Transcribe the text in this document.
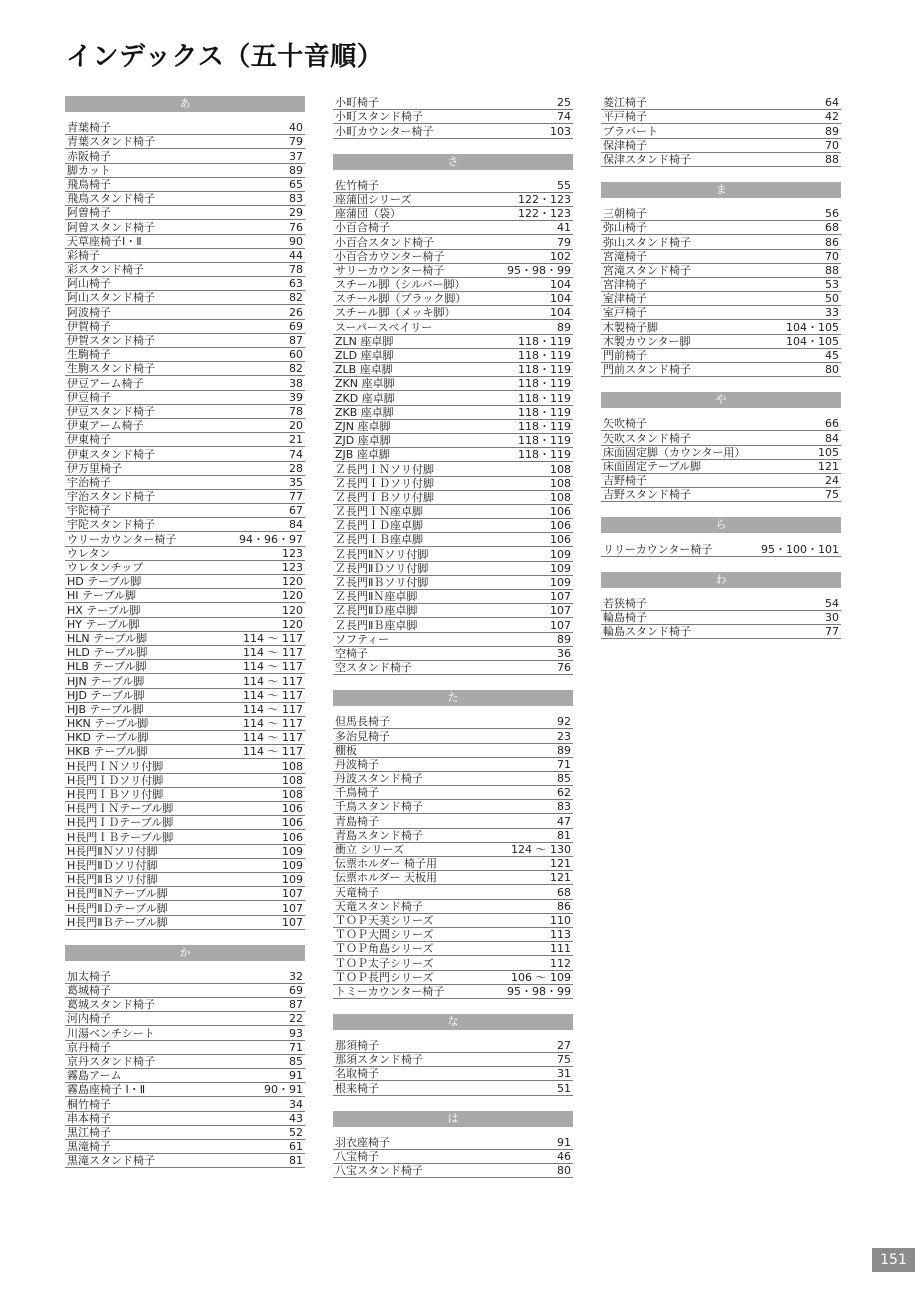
インデックス（五十音順）
あ
青葉椅子	40
青葉スタンド椅子	79
赤阪椅子	37
脚カット	89
飛鳥椅子	65
飛鳥スタンド椅子	83
阿曽椅子	29
阿曽スタンド椅子	76
天草座椅子Ⅰ・Ⅱ	90
彩椅子	44
彩スタンド椅子	78
阿山椅子	63
阿山スタンド椅子	82
阿波椅子	26
伊賀椅子	69
伊賀スタンド椅子	87
生駒椅子	60
生駒スタンド椅子	82
伊豆アーム椅子	38
伊豆椅子	39
伊豆スタンド椅子	78
伊東アーム椅子	20
伊東椅子	21
伊東スタンド椅子	74
伊万里椅子	28
宇治椅子	35
宇治スタンド椅子	77
宇陀椅子	67
宇陀スタンド椅子	84
ウリーカウンター椅子	94・96・97
ウレタン	123
ウレタンチップ	123
HD テーブル脚	120
HI テーブル脚	120
HX テーブル脚	120
HY テーブル脚	120
HLN テーブル脚	114 〜 117
HLD テーブル脚	114 〜 117
HLB テーブル脚	114 〜 117
HJN テーブル脚	114 〜 117
HJD テーブル脚	114 〜 117
HJB テーブル脚	114 〜 117
HKN テーブル脚	114 〜 117
HKD テーブル脚	114 〜 117
HKB テーブル脚	114 〜 117
H長門ＩＮソリ付脚	108
H長門ＩＤソリ付脚	108
H長門ＩＢソリ付脚	108
H長門ＩＮテーブル脚	106
H長門ＩＤテーブル脚	106
H長門ＩＢテーブル脚	106
H長門ⅡＮソリ付脚	109
H長門ⅡＤソリ付脚	109
H長門ⅡＢソリ付脚	109
H長門ⅡＮテーブル脚	107
H長門ⅡＤテーブル脚	107
H長門ⅡＢテーブル脚	107
か
加太椅子	32
葛城椅子	69
葛城スタンド椅子	87
河内椅子	22
川湯ベンチシート	93
京丹椅子	71
京丹スタンド椅子	85
霧島アーム	91
霧島座椅子 Ⅰ・Ⅱ	90・91
桐竹椅子	34
串本椅子	43
黒江椅子	52
黒滝椅子	61
黒滝スタンド椅子	81
小町椅子	25
小町スタンド椅子	74
小町カウンター椅子	103
さ
佐竹椅子	55
座蒲団シリーズ	122・123
座蒲団（袋）	122・123
小百合椅子	41
小百合スタンド椅子	79
小百合カウンター椅子	102
サリーカウンター椅子	95・98・99
スチール脚（シルバー脚）	104
スチール脚（ブラック脚）	104
スチール脚（メッキ脚）	104
スーパースベイリー	89
ZLN 座卓脚	118・119
ZLD 座卓脚	118・119
ZLB 座卓脚	118・119
ZKN 座卓脚	118・119
ZKD 座卓脚	118・119
ZKB 座卓脚	118・119
ZJN 座卓脚	118・119
ZJD 座卓脚	118・119
ZJB 座卓脚	118・119
Ｚ長門ＩＮソリ付脚	108
Ｚ長門ＩＤソリ付脚	108
Ｚ長門ＩＢソリ付脚	108
Ｚ長門ＩＮ座卓脚	106
Ｚ長門ＩＤ座卓脚	106
Ｚ長門ＩＢ座卓脚	106
Ｚ長門ⅡＮソリ付脚	109
Ｚ長門ⅡＤソリ付脚	109
Ｚ長門ⅡＢソリ付脚	109
Ｚ長門ⅡＮ座卓脚	107
Ｚ長門ⅡＤ座卓脚	107
Ｚ長門ⅡＢ座卓脚	107
ソフティー	89
空椅子	36
空スタンド椅子	76
た
但馬長椅子	92
多治見椅子	23
棚板	89
丹波椅子	71
丹波スタンド椅子	85
千鳥椅子	62
千鳥スタンド椅子	83
青島椅子	47
青島スタンド椅子	81
衝立 シリーズ	124 〜 130
伝票ホルダー 椅子用	121
伝票ホルダー 天板用	121
天竜椅子	68
天竜スタンド椅子	86
ＴＯＰ天美シリーズ	110
ＴＯＰ大間シリーズ	113
ＴＯＰ角島シリーズ	111
ＴＯＰ太子シリーズ	112
ＴＯＰ長門シリーズ	106 〜 109
トミーカウンター椅子	95・98・99
な
那須椅子	27
那須スタンド椅子	75
名取椅子	31
根来椅子	51
は
羽衣座椅子	91
八宝椅子	46
八宝スタンド椅子	80
菱江椅子	64
平戸椅子	42
ブラバート	89
保津椅子	70
保津スタンド椅子	88
ま
三朝椅子	56
弥山椅子	68
弥山スタンド椅子	86
宮滝椅子	70
宮滝スタンド椅子	88
宮津椅子	53
室津椅子	50
室戸椅子	33
木製椅子脚	104・105
木製カウンター脚	104・105
門前椅子	45
門前スタンド椅子	80
や
矢吹椅子	66
矢吹スタンド椅子	84
床面固定脚（カウンター用）	105
床面固定テーブル脚	121
吉野椅子	24
吉野スタンド椅子	75
ら
リリーカウンター椅子	95・100・101
わ
若狭椅子	54
輪島椅子	30
輪島スタンド椅子	77
151
